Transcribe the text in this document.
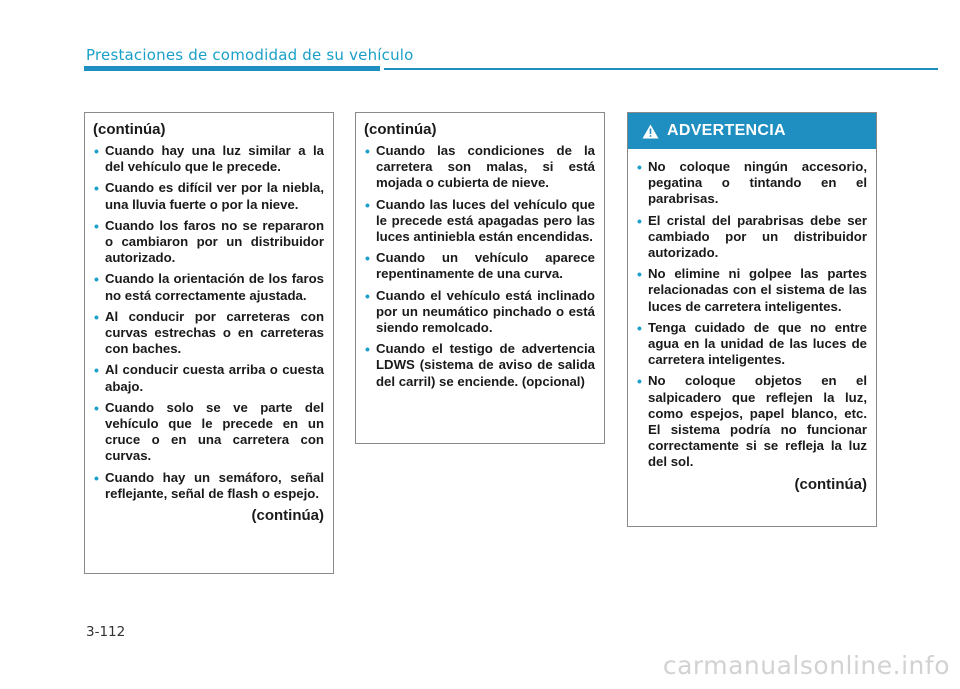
Prestaciones de comodidad de su vehículo
(continúa)
• Cuando hay una luz similar a la del vehículo que le precede.
• Cuando es difícil ver por la niebla, una lluvia fuerte o por la nieve.
• Cuando los faros no se repararon o cambiaron por un distribuidor autorizado.
• Cuando la orientación de los faros no está correctamente ajustada.
• Al conducir por carreteras con curvas estrechas o en carreteras con baches.
• Al conducir cuesta arriba o cuesta abajo.
• Cuando solo se ve parte del vehículo que le precede en un cruce o en una carretera con curvas.
• Cuando hay un semáforo, señal reflejante, señal de flash o espejo.
(continúa)
(continúa)
• Cuando las condiciones de la carretera son malas, si está mojada o cubierta de nieve.
• Cuando las luces del vehículo que le precede está apagadas pero las luces antiniebla están encendidas.
• Cuando un vehículo aparece repentinamente de una curva.
• Cuando el vehículo está inclinado por un neumático pinchado o está siendo remolcado.
• Cuando el testigo de advertencia LDWS (sistema de aviso de salida del carril) se enciende. (opcional)
ADVERTENCIA
• No coloque ningún accesorio, pegatina o tintando en el parabrisas.
• El cristal del parabrisas debe ser cambiado por un distribuidor autorizado.
• No elimine ni golpee las partes relacionadas con el sistema de las luces de carretera inteligentes.
• Tenga cuidado de que no entre agua en la unidad de las luces de carretera inteligentes.
• No coloque objetos en el salpicadero que reflejen la luz, como espejos, papel blanco, etc. El sistema podría no funcionar correctamente si se refleja la luz del sol.
(continúa)
3-112
carmanualsonline.info
